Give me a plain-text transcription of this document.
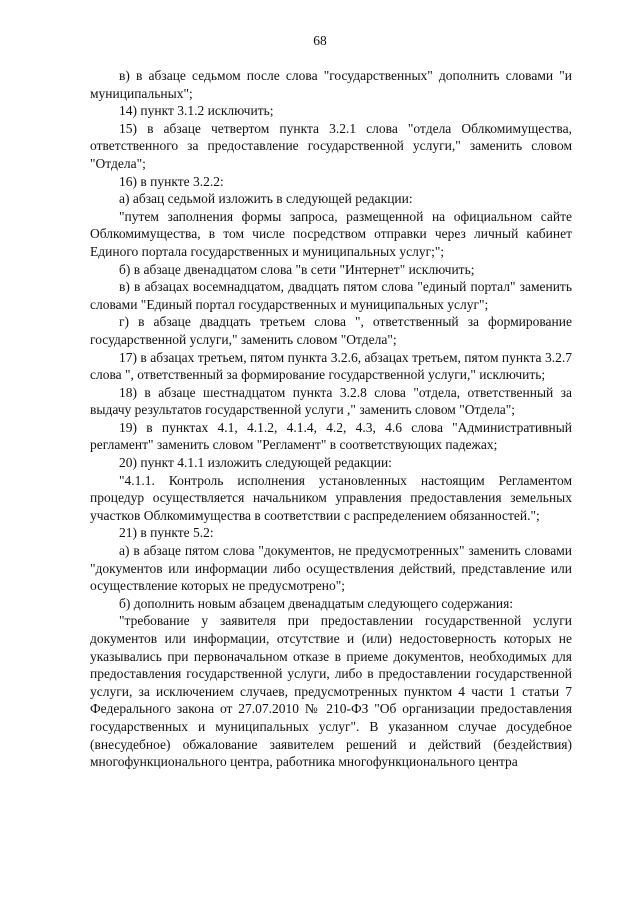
68

в) в абзаце седьмом после слова "государственных" дополнить словами "и муниципальных";

14) пункт 3.1.2 исключить;

15) в абзаце четвертом пункта 3.2.1 слова "отдела Облкомимущества, ответственного за предоставление государственной услуги," заменить словом "Отдела";

16) в пункте 3.2.2:

а) абзац седьмой изложить в следующей редакции:

"путем заполнения формы запроса, размещенной на официальном сайте Облкомимущества, в том числе посредством отправки через личный кабинет Единого портала государственных и муниципальных услуг;";

б) в абзаце двенадцатом слова "в сети "Интернет" исключить;

в) в абзацах восемнадцатом, двадцать пятом слова "единый портал" заменить словами "Единый портал государственных и муниципальных услуг";

г) в абзаце двадцать третьем слова ", ответственный за формирование государственной услуги," заменить словом "Отдела";

17) в абзацах третьем, пятом пункта 3.2.6, абзацах третьем, пятом пункта 3.2.7 слова ", ответственный за формирование государственной услуги," исключить;

18) в абзаце шестнадцатом пункта 3.2.8 слова "отдела, ответственный за выдачу результатов государственной услуги ," заменить словом "Отдела";

19) в пунктах 4.1, 4.1.2, 4.1.4, 4.2, 4.3, 4.6 слова "Административный регламент" заменить словом "Регламент" в соответствующих падежах;

20) пункт 4.1.1 изложить следующей редакции:

"4.1.1. Контроль исполнения установленных настоящим Регламентом процедур осуществляется начальником управления предоставления земельных участков Облкомимущества в соответствии с распределением обязанностей.";

21) в пункте 5.2:

а) в абзаце пятом слова "документов, не предусмотренных" заменить словами "документов или информации либо осуществления действий, представление или осуществление которых не предусмотрено";

б) дополнить новым абзацем двенадцатым следующего содержания:

"требование у заявителя при предоставлении государственной услуги документов или информации, отсутствие и (или) недостоверность которых не указывались при первоначальном отказе в приеме документов, необходимых для предоставления государственной услуги, либо в предоставлении государственной услуги, за исключением случаев, предусмотренных пунктом 4 части 1 статьи 7 Федерального закона от 27.07.2010 № 210-ФЗ "Об организации предоставления государственных и муниципальных услуг". В указанном случае досудебное (внесудебное) обжалование заявителем решений и действий (бездействия) многофункционального центра, работника многофункционального центра
